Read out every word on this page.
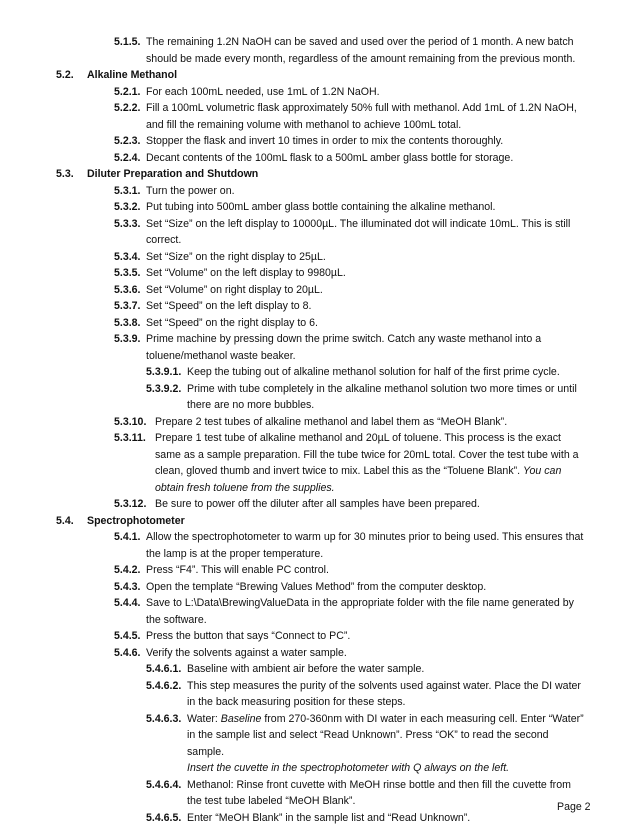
5.1.5. The remaining 1.2N NaOH can be saved and used over the period of 1 month. A new batch should be made every month, regardless of the amount remaining from the previous month.
5.2. Alkaline Methanol
5.2.1. For each 100mL needed, use 1mL of 1.2N NaOH.
5.2.2. Fill a 100mL volumetric flask approximately 50% full with methanol. Add 1mL of 1.2N NaOH, and fill the remaining volume with methanol to achieve 100mL total.
5.2.3. Stopper the flask and invert 10 times in order to mix the contents thoroughly.
5.2.4. Decant contents of the 100mL flask to a 500mL amber glass bottle for storage.
5.3. Diluter Preparation and Shutdown
5.3.1. Turn the power on.
5.3.2. Put tubing into 500mL amber glass bottle containing the alkaline methanol.
5.3.3. Set “Size” on the left display to 10000µL. The illuminated dot will indicate 10mL. This is still correct.
5.3.4. Set “Size” on the right display to 25µL.
5.3.5. Set “Volume” on the left display to 9980µL.
5.3.6. Set “Volume” on right display to 20µL.
5.3.7. Set “Speed” on the left display to 8.
5.3.8. Set “Speed” on the right display to 6.
5.3.9. Prime machine by pressing down the prime switch. Catch any waste methanol into a toluene/methanol waste beaker.
5.3.9.1. Keep the tubing out of alkaline methanol solution for half of the first prime cycle.
5.3.9.2. Prime with tube completely in the alkaline methanol solution two more times or until there are no more bubbles.
5.3.10. Prepare 2 test tubes of alkaline methanol and label them as “MeOH Blank”.
5.3.11. Prepare 1 test tube of alkaline methanol and 20µL of toluene. This process is the exact same as a sample preparation. Fill the tube twice for 20mL total. Cover the test tube with a clean, gloved thumb and invert twice to mix. Label this as the “Toluene Blank”. You can obtain fresh toluene from the supplies.
5.3.12. Be sure to power off the diluter after all samples have been prepared.
5.4. Spectrophotometer
5.4.1. Allow the spectrophotometer to warm up for 30 minutes prior to being used. This ensures that the lamp is at the proper temperature.
5.4.2. Press “F4”. This will enable PC control.
5.4.3. Open the template “Brewing Values Method” from the computer desktop.
5.4.4. Save to L:\Data\BrewingValueData in the appropriate folder with the file name generated by the software.
5.4.5. Press the button that says “Connect to PC”.
5.4.6. Verify the solvents against a water sample.
5.4.6.1. Baseline with ambient air before the water sample.
5.4.6.2. This step measures the purity of the solvents used against water. Place the DI water in the back measuring position for these steps.
5.4.6.3. Water: Baseline from 270-360nm with DI water in each measuring cell. Enter “Water” in the sample list and select “Read Unknown”. Press “OK” to read the second sample.
Insert the cuvette in the spectrophotometer with Q always on the left.
5.4.6.4. Methanol: Rinse front cuvette with MeOH rinse bottle and then fill the cuvette from the test tube labeled “MeOH Blank”.
5.4.6.5. Enter “MeOH Blank” in the sample list and “Read Unknown”.
Page 2
